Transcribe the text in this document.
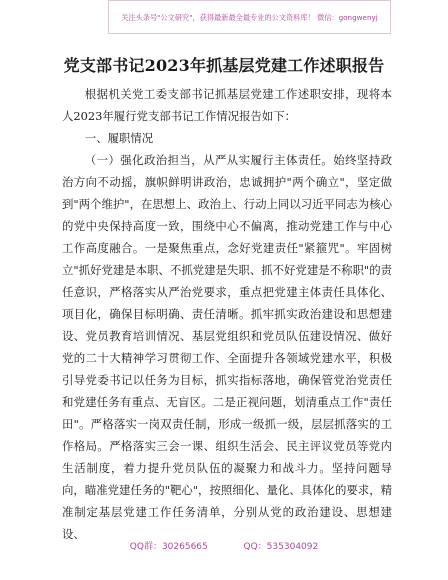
关注头条号"公文研究"，获得最新最全最专业的公文资料库！ 微信：gongwenyj
党支部书记2023年抓基层党建工作述职报告

根据机关党工委支部书记抓基层党建工作述职安排，现将本人2023年履行党支部书记工作情况报告如下：

一、履职情况

（一）强化政治担当，从严从实履行主体责任。始终坚持政治方向不动摇，旗帜鲜明讲政治，忠诚拥护"两个确立"，坚定做到"两个维护"，在思想上、政治上、行动上同以习近平同志为核心的党中央保持高度一致，围绕中心不偏离，推动党建工作与中心工作高度融合。一是聚焦重点，念好党建责任"紧箍咒"。牢固树立"抓好党建是本职、不抓党建是失职、抓不好党建是不称职"的责任意识，严格落实从严治党要求，重点把党建主体责任具体化、项目化，确保目标明确、责任清晰。抓牢抓实政治建设和思想建设、党员教育培训情况、基层党组织和党员队伍建设情况、做好党的二十大精神学习贯彻工作、全面提升各领域党建水平，积极引导党委书记以任务为目标，抓实指标落地，确保管党治党责任和党建任务有重点、无盲区。二是正视问题，划清重点工作"责任田"。严格落实一岗双责任制，形成一级抓一级，层层抓落实的工作格局。严格落实三会一课、组织生活会、民主评议党员等党内生活制度，着力提升党员队伍的凝聚力和战斗力。坚持问题导向，瞄准党建任务的"靶心"，按照细化、量化、具体化的要求，精准制定基层党建工作任务清单，分别从党的政治建设、思想建设、

QQ群：30265665	QQ：535304092
